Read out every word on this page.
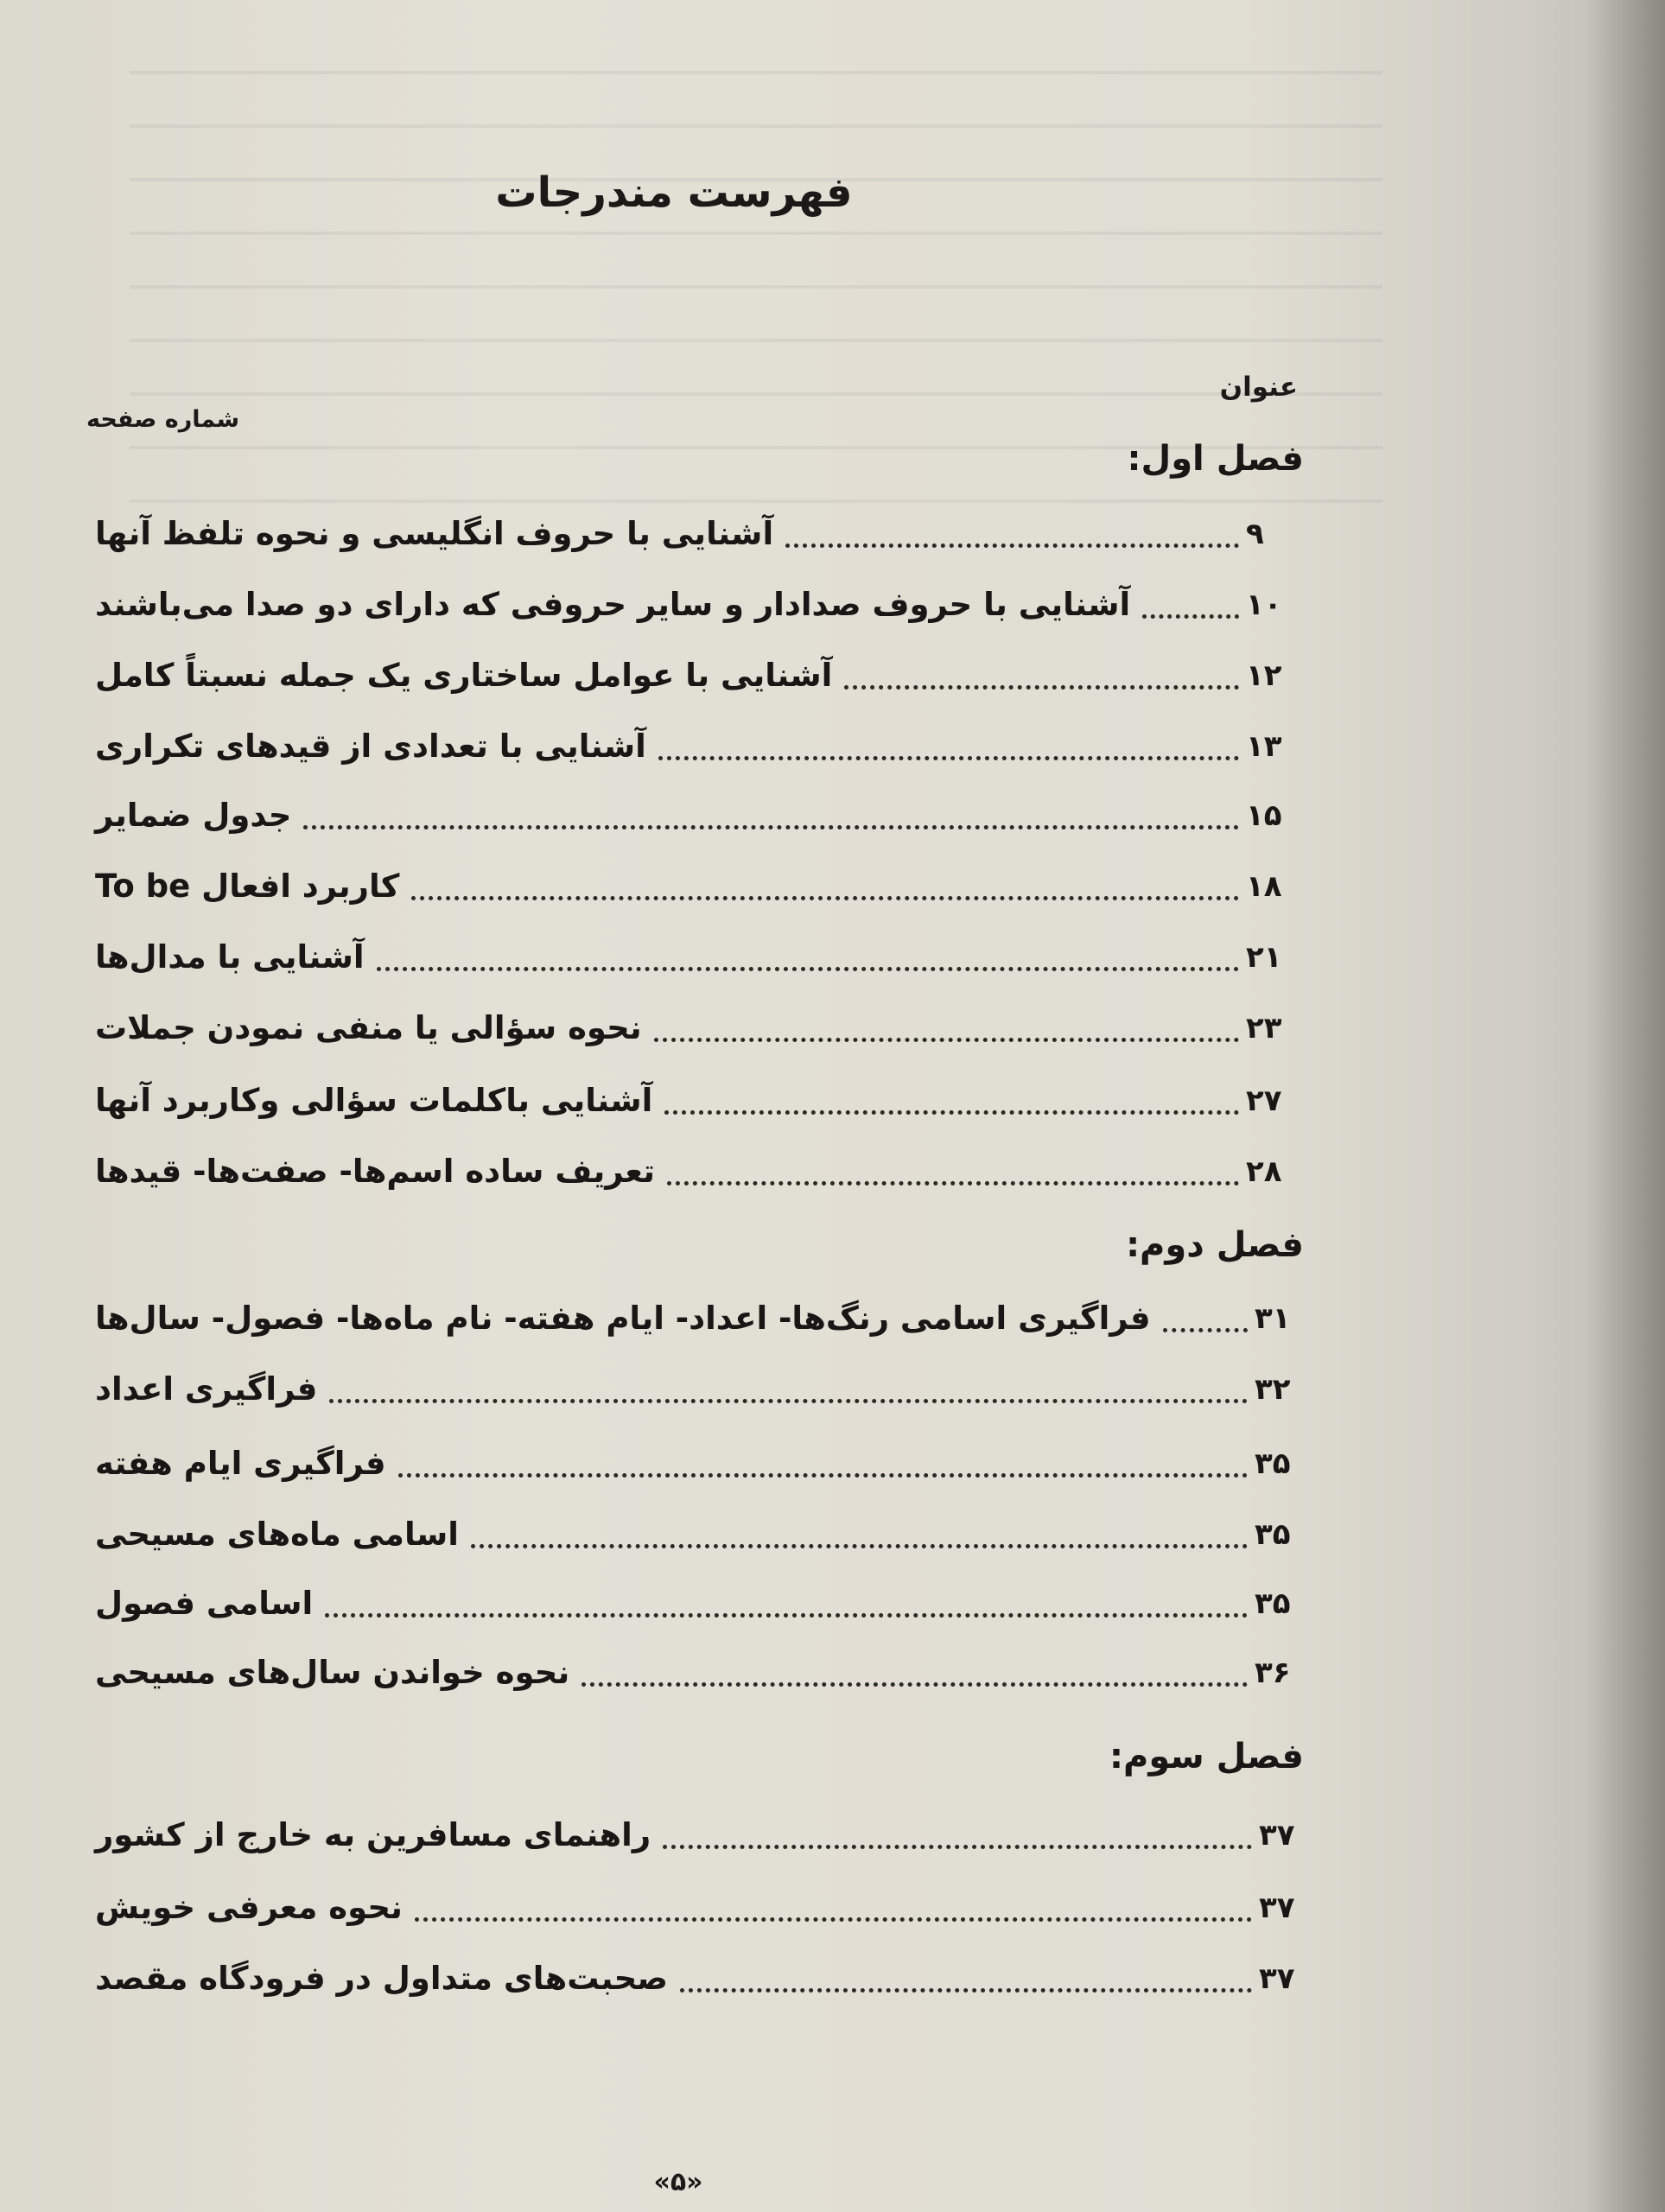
فهرست مندرجات
عنوان
شماره صفحه
فصل اول:
آشنایی با حروف انگلیسی و نحوه تلفظ آنها	۹
آشنایی با حروف صدادار و سایر حروفی که دارای دو صدا می‌باشند	۱۰
آشنایی با عوامل ساختاری یک جمله نسبتاً کامل	۱۲
آشنایی با تعدادی از قیدهای تکراری	۱۳
جدول ضمایر	۱۵
کاربرد افعال To be	۱۸
آشنایی با مدال‌ها	۲۱
نحوه سؤالی یا منفی نمودن جملات	۲۳
آشنایی باکلمات سؤالی وکاربرد آنها	۲۷
تعریف ساده اسم‌ها- صفت‌ها- قیدها	۲۸
فصل دوم:
فراگیری اسامی رنگ‌ها- اعداد- ایام هفته- نام ماه‌ها- فصول- سال‌ها	۳۱
فراگیری اعداد	۳۲
فراگیری ایام هفته	۳۵
اسامی ماه‌های مسیحی	۳۵
اسامی فصول	۳۵
نحوه خواندن سال‌های مسیحی	۳۶
فصل سوم:
راهنمای مسافرین به خارج از کشور	۳۷
نحوه معرفی خویش	۳۷
صحبت‌های متداول در فرودگاه مقصد	۳۷
«۵»
